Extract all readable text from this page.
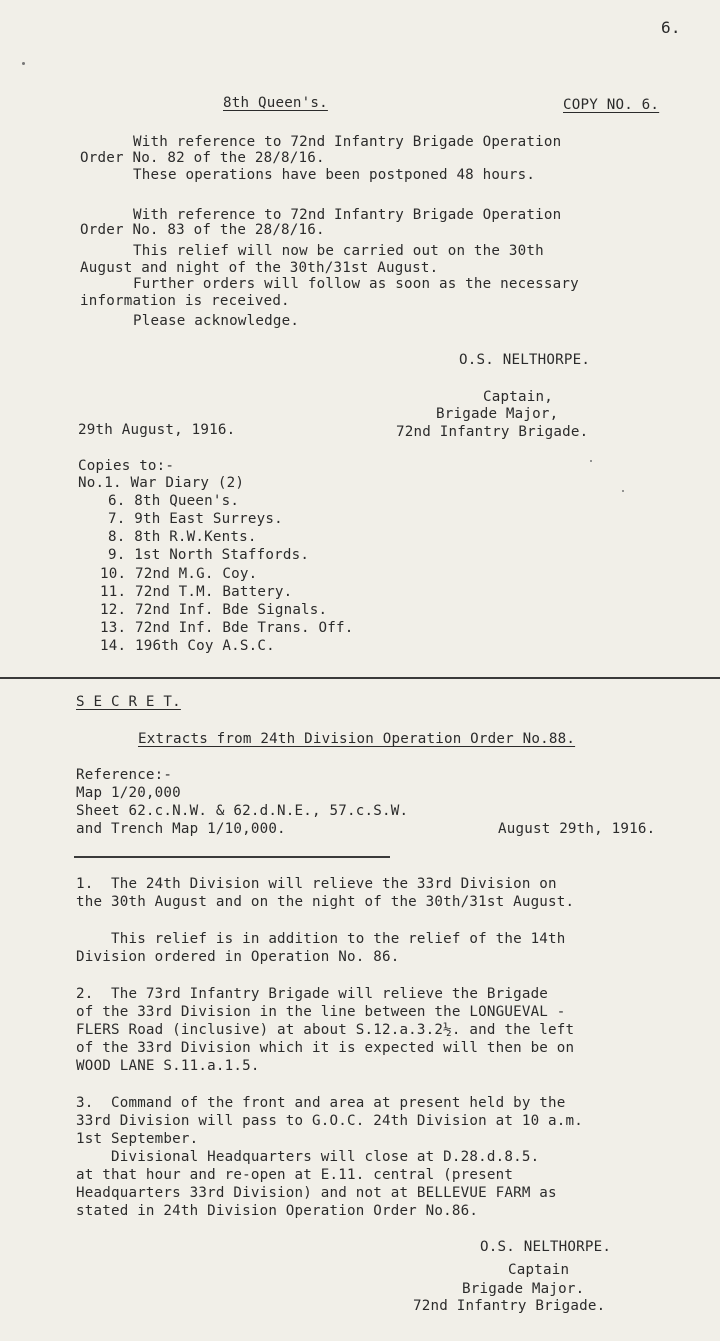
6.
8th Queen's.	COPY NO. 6.
With reference to 72nd Infantry Brigade Operation
Order No. 82 of the 28/8/16.
These operations have been postponed 48 hours.
With reference to 72nd Infantry Brigade Operation
Order No. 83 of the 28/8/16.
This relief will now be carried out on the 30th
August and night of the 30th/31st August.
Further orders will follow as soon as the necessary
information is received.
Please acknowledge.
O.S. NELTHORPE.
Captain,
Brigade Major,
72nd Infantry Brigade.
29th August, 1916.
Copies to:-
No.1. War Diary (2)
6. 8th Queen's.
7. 9th East Surreys.
8. 8th R.W.Kents.
9. 1st North Staffords.
10. 72nd M.G. Coy.
11. 72nd T.M. Battery.
12. 72nd Inf. Bde Signals.
13. 72nd Inf. Bde Trans. Off.
14. 196th Coy A.S.C.
S E C R E T.
Extracts from 24th Division Operation Order No.88.
Reference:-
Map 1/20,000
Sheet 62.c.N.W. & 62.d.N.E., 57.c.S.W.
and Trench Map 1/10,000.	August 29th, 1916.
1.  The 24th Division will relieve the 33rd Division on
the 30th August and on the night of the 30th/31st August.
This relief is in addition to the relief of the 14th
Division ordered in Operation No. 86.
2.  The 73rd Infantry Brigade will relieve the Brigade
of the 33rd Division in the line between the LONGUEVAL -
FLERS Road (inclusive) at about S.12.a.3.2½. and the left
of the 33rd Division which it is expected will then be on
WOOD LANE S.11.a.1.5.
3.  Command of the front and area at present held by the
33rd Division will pass to G.O.C. 24th Division at 10 a.m.
1st September.
Divisional Headquarters will close at D.28.d.8.5.
at that hour and re-open at E.11. central (present
Headquarters 33rd Division) and not at BELLEVUE FARM as
stated in 24th Division Operation Order No.86.
O.S. NELTHORPE.
Captain
Brigade Major.
72nd Infantry Brigade.
